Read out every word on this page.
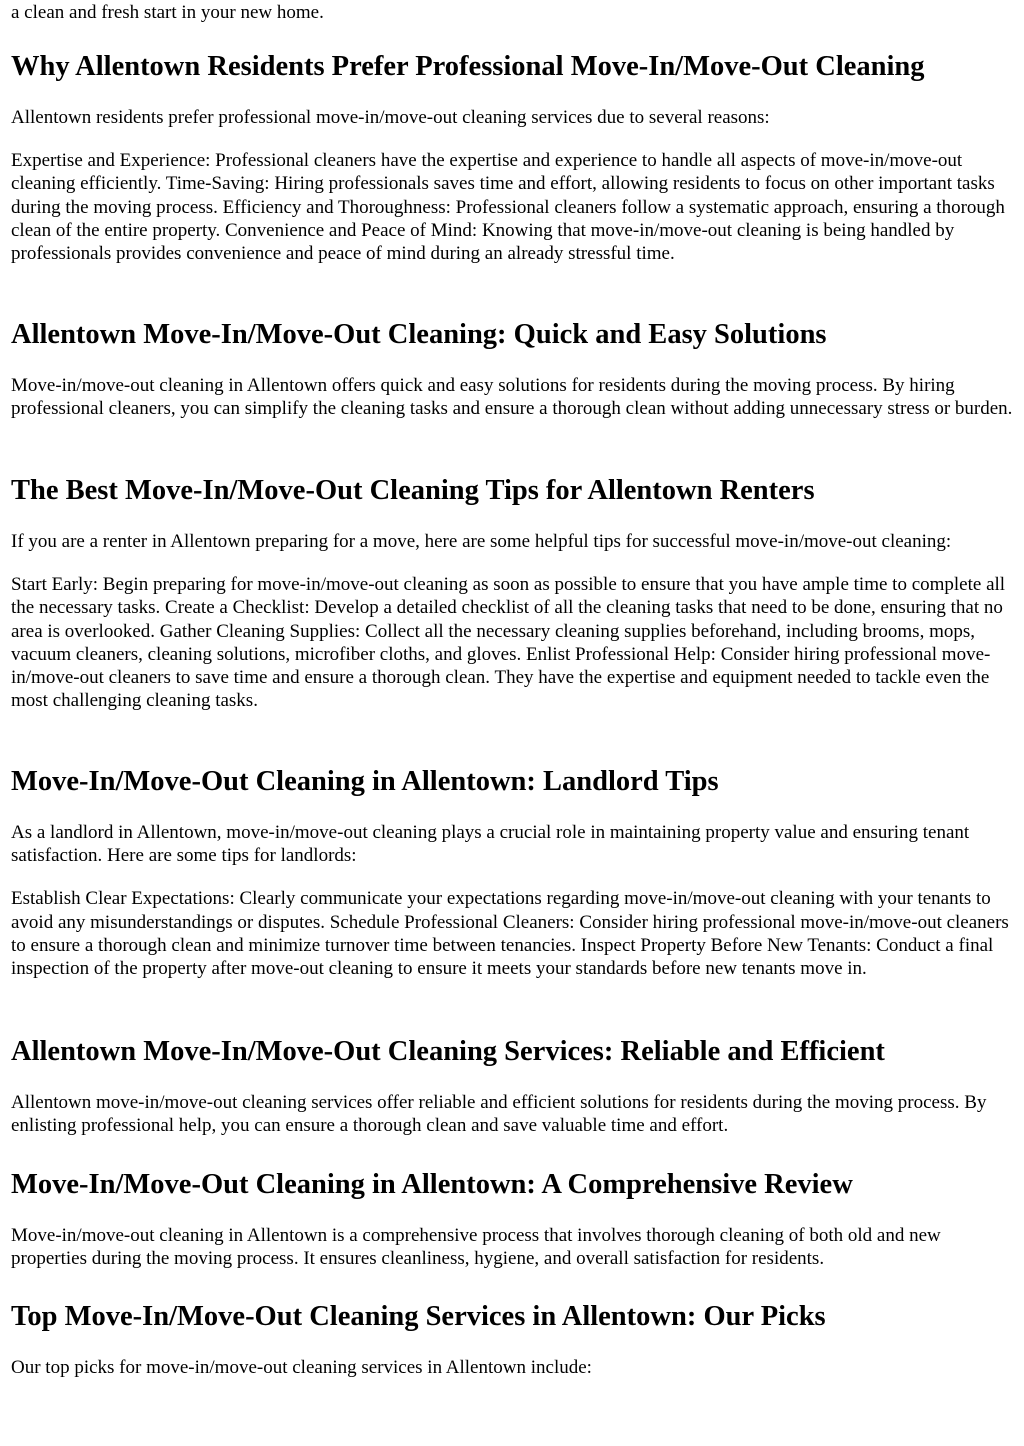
a clean and fresh start in your new home.

Why Allentown Residents Prefer Professional Move-In/Move-Out Cleaning

Allentown residents prefer professional move-in/move-out cleaning services due to several reasons:

Expertise and Experience: Professional cleaners have the expertise and experience to handle all aspects of move-in/move-out cleaning efficiently. Time-Saving: Hiring professionals saves time and effort, allowing residents to focus on other important tasks during the moving process. Efficiency and Thoroughness: Professional cleaners follow a systematic approach, ensuring a thorough clean of the entire property. Convenience and Peace of Mind: Knowing that move-in/move-out cleaning is being handled by professionals provides convenience and peace of mind during an already stressful time.

Allentown Move-In/Move-Out Cleaning: Quick and Easy Solutions

Move-in/move-out cleaning in Allentown offers quick and easy solutions for residents during the moving process. By hiring professional cleaners, you can simplify the cleaning tasks and ensure a thorough clean without adding unnecessary stress or burden.

The Best Move-In/Move-Out Cleaning Tips for Allentown Renters

If you are a renter in Allentown preparing for a move, here are some helpful tips for successful move-in/move-out cleaning:

Start Early: Begin preparing for move-in/move-out cleaning as soon as possible to ensure that you have ample time to complete all the necessary tasks. Create a Checklist: Develop a detailed checklist of all the cleaning tasks that need to be done, ensuring that no area is overlooked. Gather Cleaning Supplies: Collect all the necessary cleaning supplies beforehand, including brooms, mops, vacuum cleaners, cleaning solutions, microfiber cloths, and gloves. Enlist Professional Help: Consider hiring professional move-in/move-out cleaners to save time and ensure a thorough clean. They have the expertise and equipment needed to tackle even the most challenging cleaning tasks.

Move-In/Move-Out Cleaning in Allentown: Landlord Tips

As a landlord in Allentown, move-in/move-out cleaning plays a crucial role in maintaining property value and ensuring tenant satisfaction. Here are some tips for landlords:

Establish Clear Expectations: Clearly communicate your expectations regarding move-in/move-out cleaning with your tenants to avoid any misunderstandings or disputes. Schedule Professional Cleaners: Consider hiring professional move-in/move-out cleaners to ensure a thorough clean and minimize turnover time between tenancies. Inspect Property Before New Tenants: Conduct a final inspection of the property after move-out cleaning to ensure it meets your standards before new tenants move in.

Allentown Move-In/Move-Out Cleaning Services: Reliable and Efficient

Allentown move-in/move-out cleaning services offer reliable and efficient solutions for residents during the moving process. By enlisting professional help, you can ensure a thorough clean and save valuable time and effort.

Move-In/Move-Out Cleaning in Allentown: A Comprehensive Review

Move-in/move-out cleaning in Allentown is a comprehensive process that involves thorough cleaning of both old and new properties during the moving process. It ensures cleanliness, hygiene, and overall satisfaction for residents.

Top Move-In/Move-Out Cleaning Services in Allentown: Our Picks

Our top picks for move-in/move-out cleaning services in Allentown include:
